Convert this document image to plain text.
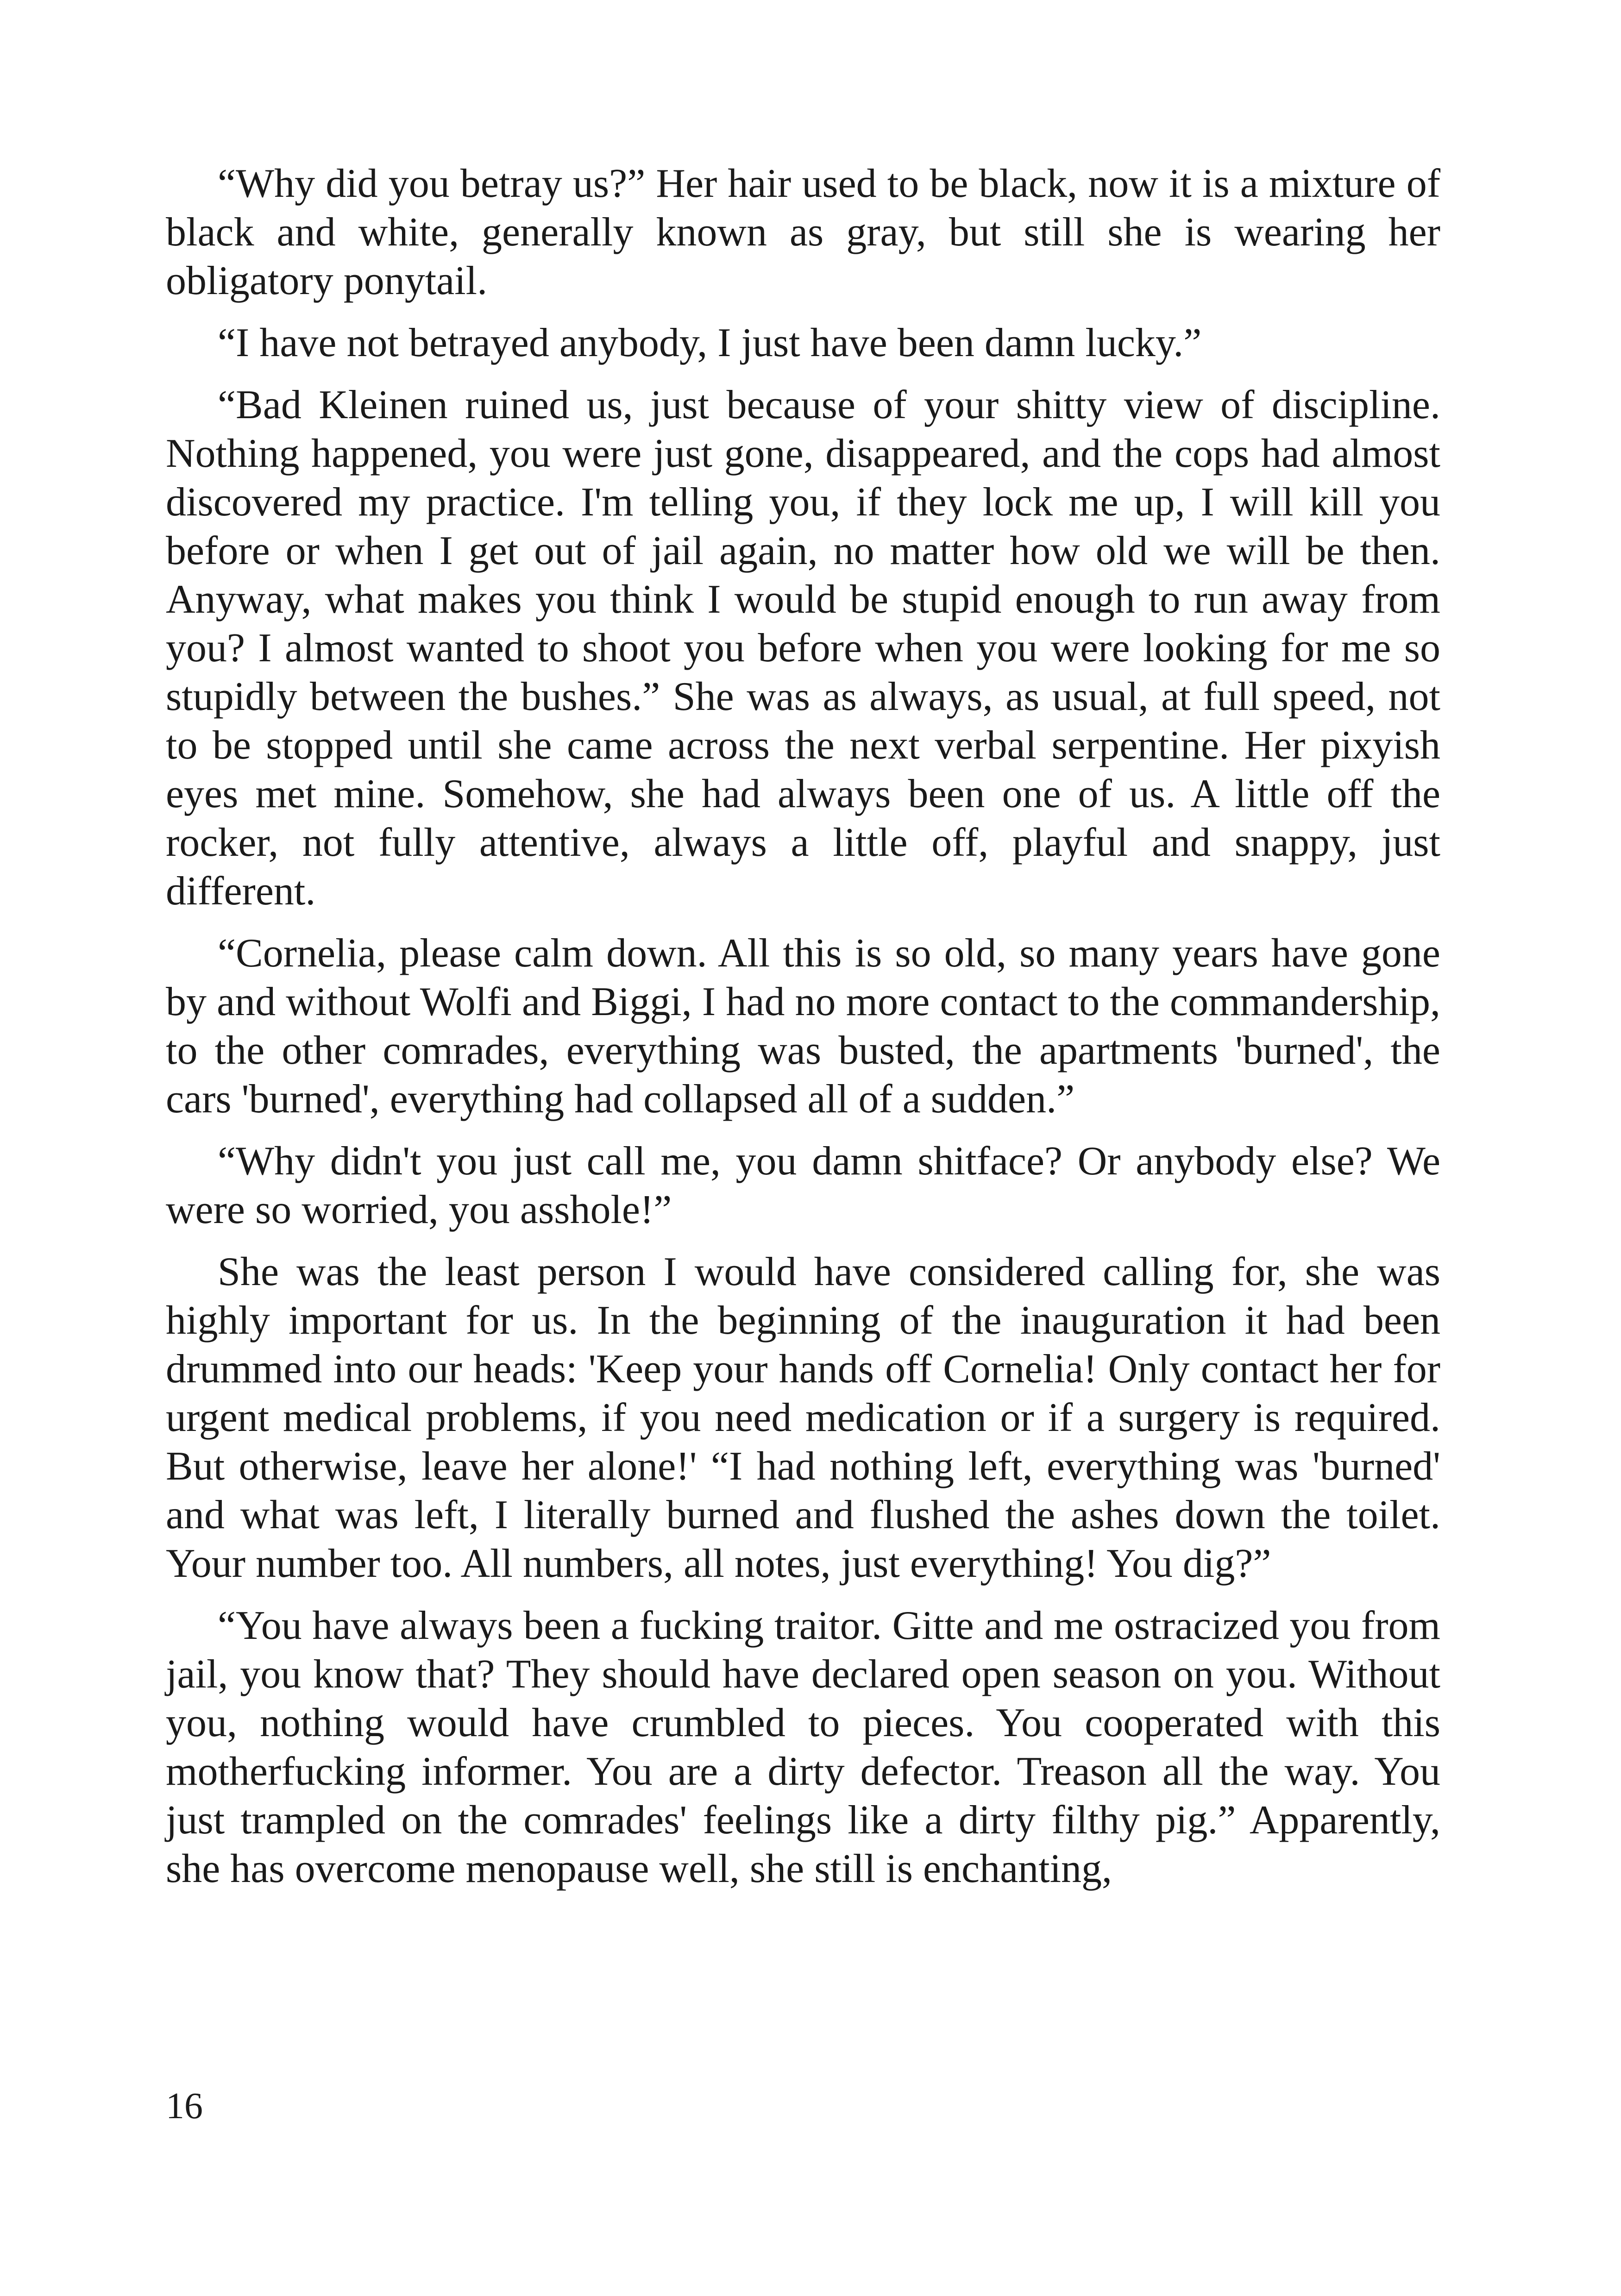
“Why did you betray us?” Her hair used to be black, now it is a mixture of black and white, generally known as gray, but still she is wearing her obligatory ponytail.

“I have not betrayed anybody, I just have been damn lucky.”

“Bad Kleinen ruined us, just because of your shitty view of discipline. Nothing happened, you were just gone, disappeared, and the cops had almost discovered my practice. I'm telling you, if they lock me up, I will kill you before or when I get out of jail again, no matter how old we will be then. Anyway, what makes you think I would be stupid enough to run away from you? I almost wanted to shoot you before when you were looking for me so stupidly between the bushes.” She was as always, as usual, at full speed, not to be stopped until she came across the next verbal serpentine. Her pixyish eyes met mine. Somehow, she had always been one of us. A little off the rocker, not fully attentive, always a little off, playful and snappy, just different.

“Cornelia, please calm down. All this is so old, so many years have gone by and without Wolfi and Biggi, I had no more contact to the commandership, to the other comrades, everything was busted, the apartments 'burned', the cars 'burned', everything had collapsed all of a sudden.”

“Why didn't you just call me, you damn shitface? Or anybody else? We were so worried, you asshole!”

She was the least person I would have considered calling for, she was highly important for us. In the beginning of the inauguration it had been drummed into our heads: 'Keep your hands off Cornelia! Only contact her for urgent medical problems, if you need medication or if a surgery is required. But otherwise, leave her alone!' “I had nothing left, everything was 'burned' and what was left, I literally burned and flushed the ashes down the toilet. Your number too. All numbers, all notes, just everything! You dig?”

“You have always been a fucking traitor. Gitte and me ostracized you from jail, you know that? They should have declared open season on you. Without you, nothing would have crumbled to pieces. You cooperated with this motherfucking informer. You are a dirty defector. Treason all the way. You just trampled on the comrades' feelings like a dirty filthy pig.” Apparently, she has overcome menopause well, she still is enchanting,

16
